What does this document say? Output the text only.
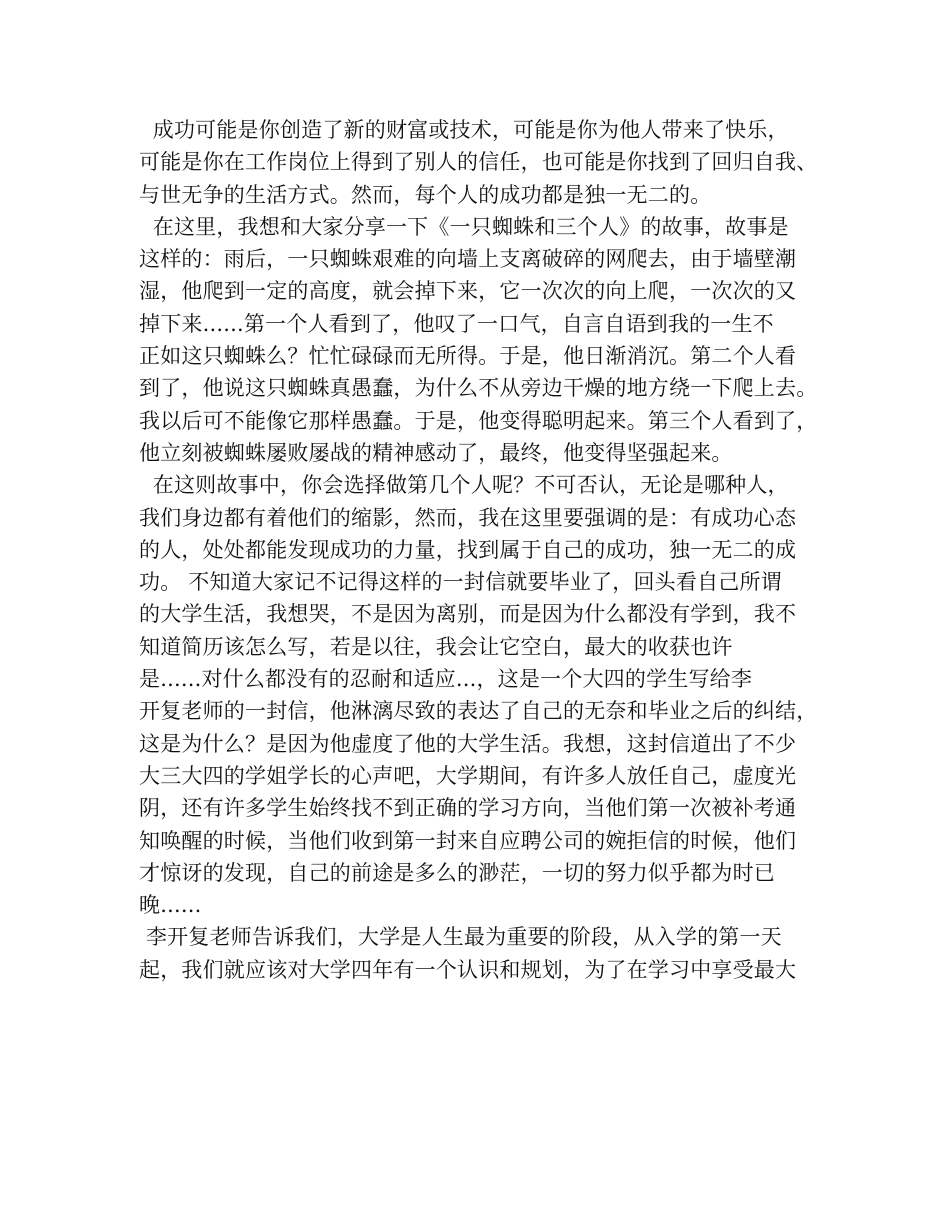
成功可能是你创造了新的财富或技术，可能是你为他人带来了快乐，
可能是你在工作岗位上得到了别人的信任，也可能是你找到了回归自我、
与世无争的生活方式。然而，每个人的成功都是独一无二的。
在这里，我想和大家分享一下《一只蜘蛛和三个人》的故事，故事是
这样的：雨后，一只蜘蛛艰难的向墙上支离破碎的网爬去，由于墙壁潮
湿，他爬到一定的高度，就会掉下来，它一次次的向上爬，一次次的又
掉下来......第一个人看到了，他叹了一口气，自言自语到我的一生不
正如这只蜘蛛么？忙忙碌碌而无所得。于是，他日渐消沉。第二个人看
到了，他说这只蜘蛛真愚蠢，为什么不从旁边干燥的地方绕一下爬上去。
我以后可不能像它那样愚蠢。于是，他变得聪明起来。第三个人看到了，
他立刻被蜘蛛屡败屡战的精神感动了，最终，他变得坚强起来。
在这则故事中，你会选择做第几个人呢？不可否认，无论是哪种人，
我们身边都有着他们的缩影，然而，我在这里要强调的是：有成功心态
的人，处处都能发现成功的力量，找到属于自己的成功，独一无二的成
功。 不知道大家记不记得这样的一封信就要毕业了，回头看自己所谓
的大学生活，我想哭，不是因为离别，而是因为什么都没有学到，我不
知道简历该怎么写，若是以往，我会让它空白，最大的收获也许
是......对什么都没有的忍耐和适应...，这是一个大四的学生写给李
开复老师的一封信，他淋漓尽致的表达了自己的无奈和毕业之后的纠结，
这是为什么？是因为他虚度了他的大学生活。我想，这封信道出了不少
大三大四的学姐学长的心声吧，大学期间，有许多人放任自己，虚度光
阴，还有许多学生始终找不到正确的学习方向，当他们第一次被补考通
知唤醒的时候，当他们收到第一封来自应聘公司的婉拒信的时候，他们
才惊讶的发现，自己的前途是多么的渺茫，一切的努力似乎都为时已
晚......
李开复老师告诉我们，大学是人生最为重要的阶段，从入学的第一天
起，我们就应该对大学四年有一个认识和规划，为了在学习中享受最大
